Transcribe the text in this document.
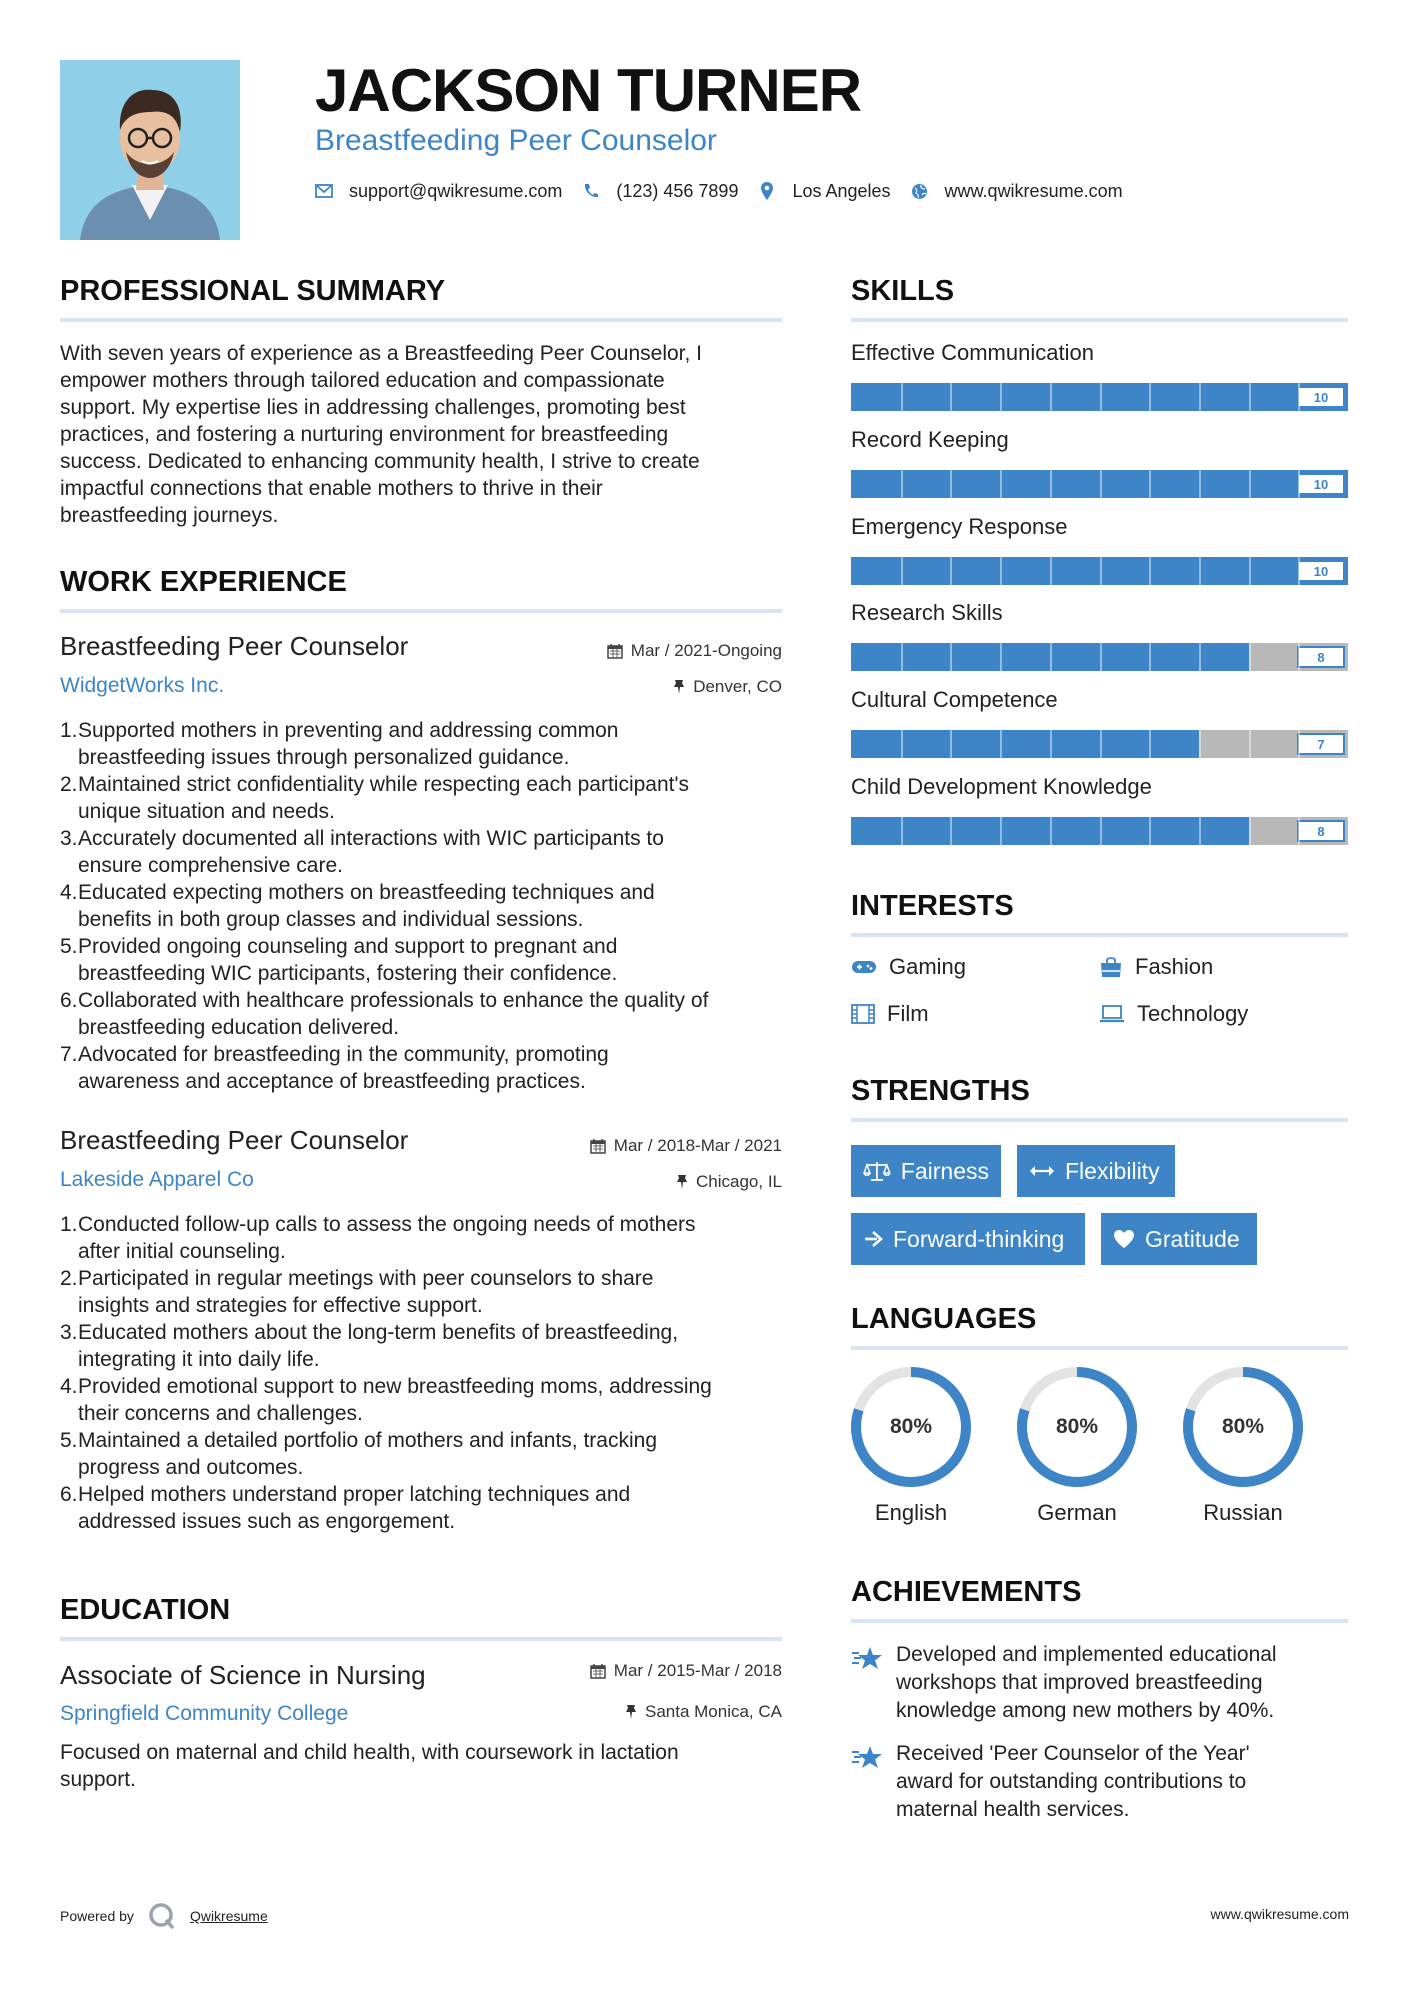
JACKSON TURNER
Breastfeeding Peer Counselor
support@qwikresume.com	(123) 456 7899	Los Angeles	www.qwikresume.com
PROFESSIONAL SUMMARY
With seven years of experience as a Breastfeeding Peer Counselor, I
empower mothers through tailored education and compassionate
support. My expertise lies in addressing challenges, promoting best
practices, and fostering a nurturing environment for breastfeeding
success. Dedicated to enhancing community health, I strive to create
impactful connections that enable mothers to thrive in their
breastfeeding journeys.
WORK EXPERIENCE
Breastfeeding Peer Counselor	Mar / 2021-Ongoing
WidgetWorks Inc.	Denver, CO
1. Supported mothers in preventing and addressing common
breastfeeding issues through personalized guidance.
2. Maintained strict confidentiality while respecting each participant's
unique situation and needs.
3. Accurately documented all interactions with WIC participants to
ensure comprehensive care.
4. Educated expecting mothers on breastfeeding techniques and
benefits in both group classes and individual sessions.
5. Provided ongoing counseling and support to pregnant and
breastfeeding WIC participants, fostering their confidence.
6. Collaborated with healthcare professionals to enhance the quality of
breastfeeding education delivered.
7. Advocated for breastfeeding in the community, promoting
awareness and acceptance of breastfeeding practices.
Breastfeeding Peer Counselor	Mar / 2018-Mar / 2021
Lakeside Apparel Co	Chicago, IL
1. Conducted follow-up calls to assess the ongoing needs of mothers
after initial counseling.
2. Participated in regular meetings with peer counselors to share
insights and strategies for effective support.
3. Educated mothers about the long-term benefits of breastfeeding,
integrating it into daily life.
4. Provided emotional support to new breastfeeding moms, addressing
their concerns and challenges.
5. Maintained a detailed portfolio of mothers and infants, tracking
progress and outcomes.
6. Helped mothers understand proper latching techniques and
addressed issues such as engorgement.
EDUCATION
Associate of Science in Nursing	Mar / 2015-Mar / 2018
Springfield Community College	Santa Monica, CA
Focused on maternal and child health, with coursework in lactation
support.
SKILLS
Effective Communication
10
Record Keeping
10
Emergency Response
10
Research Skills
8
Cultural Competence
7
Child Development Knowledge
8
INTERESTS
Gaming	Fashion
Film	Technology
STRENGTHS
Fairness	Flexibility
Forward-thinking	Gratitude
LANGUAGES
80%
English
80%
German
80%
Russian
ACHIEVEMENTS
Developed and implemented educational
workshops that improved breastfeeding
knowledge among new mothers by 40%.
Received 'Peer Counselor of the Year'
award for outstanding contributions to
maternal health services.
Powered by	Qwikresume	www.qwikresume.com
